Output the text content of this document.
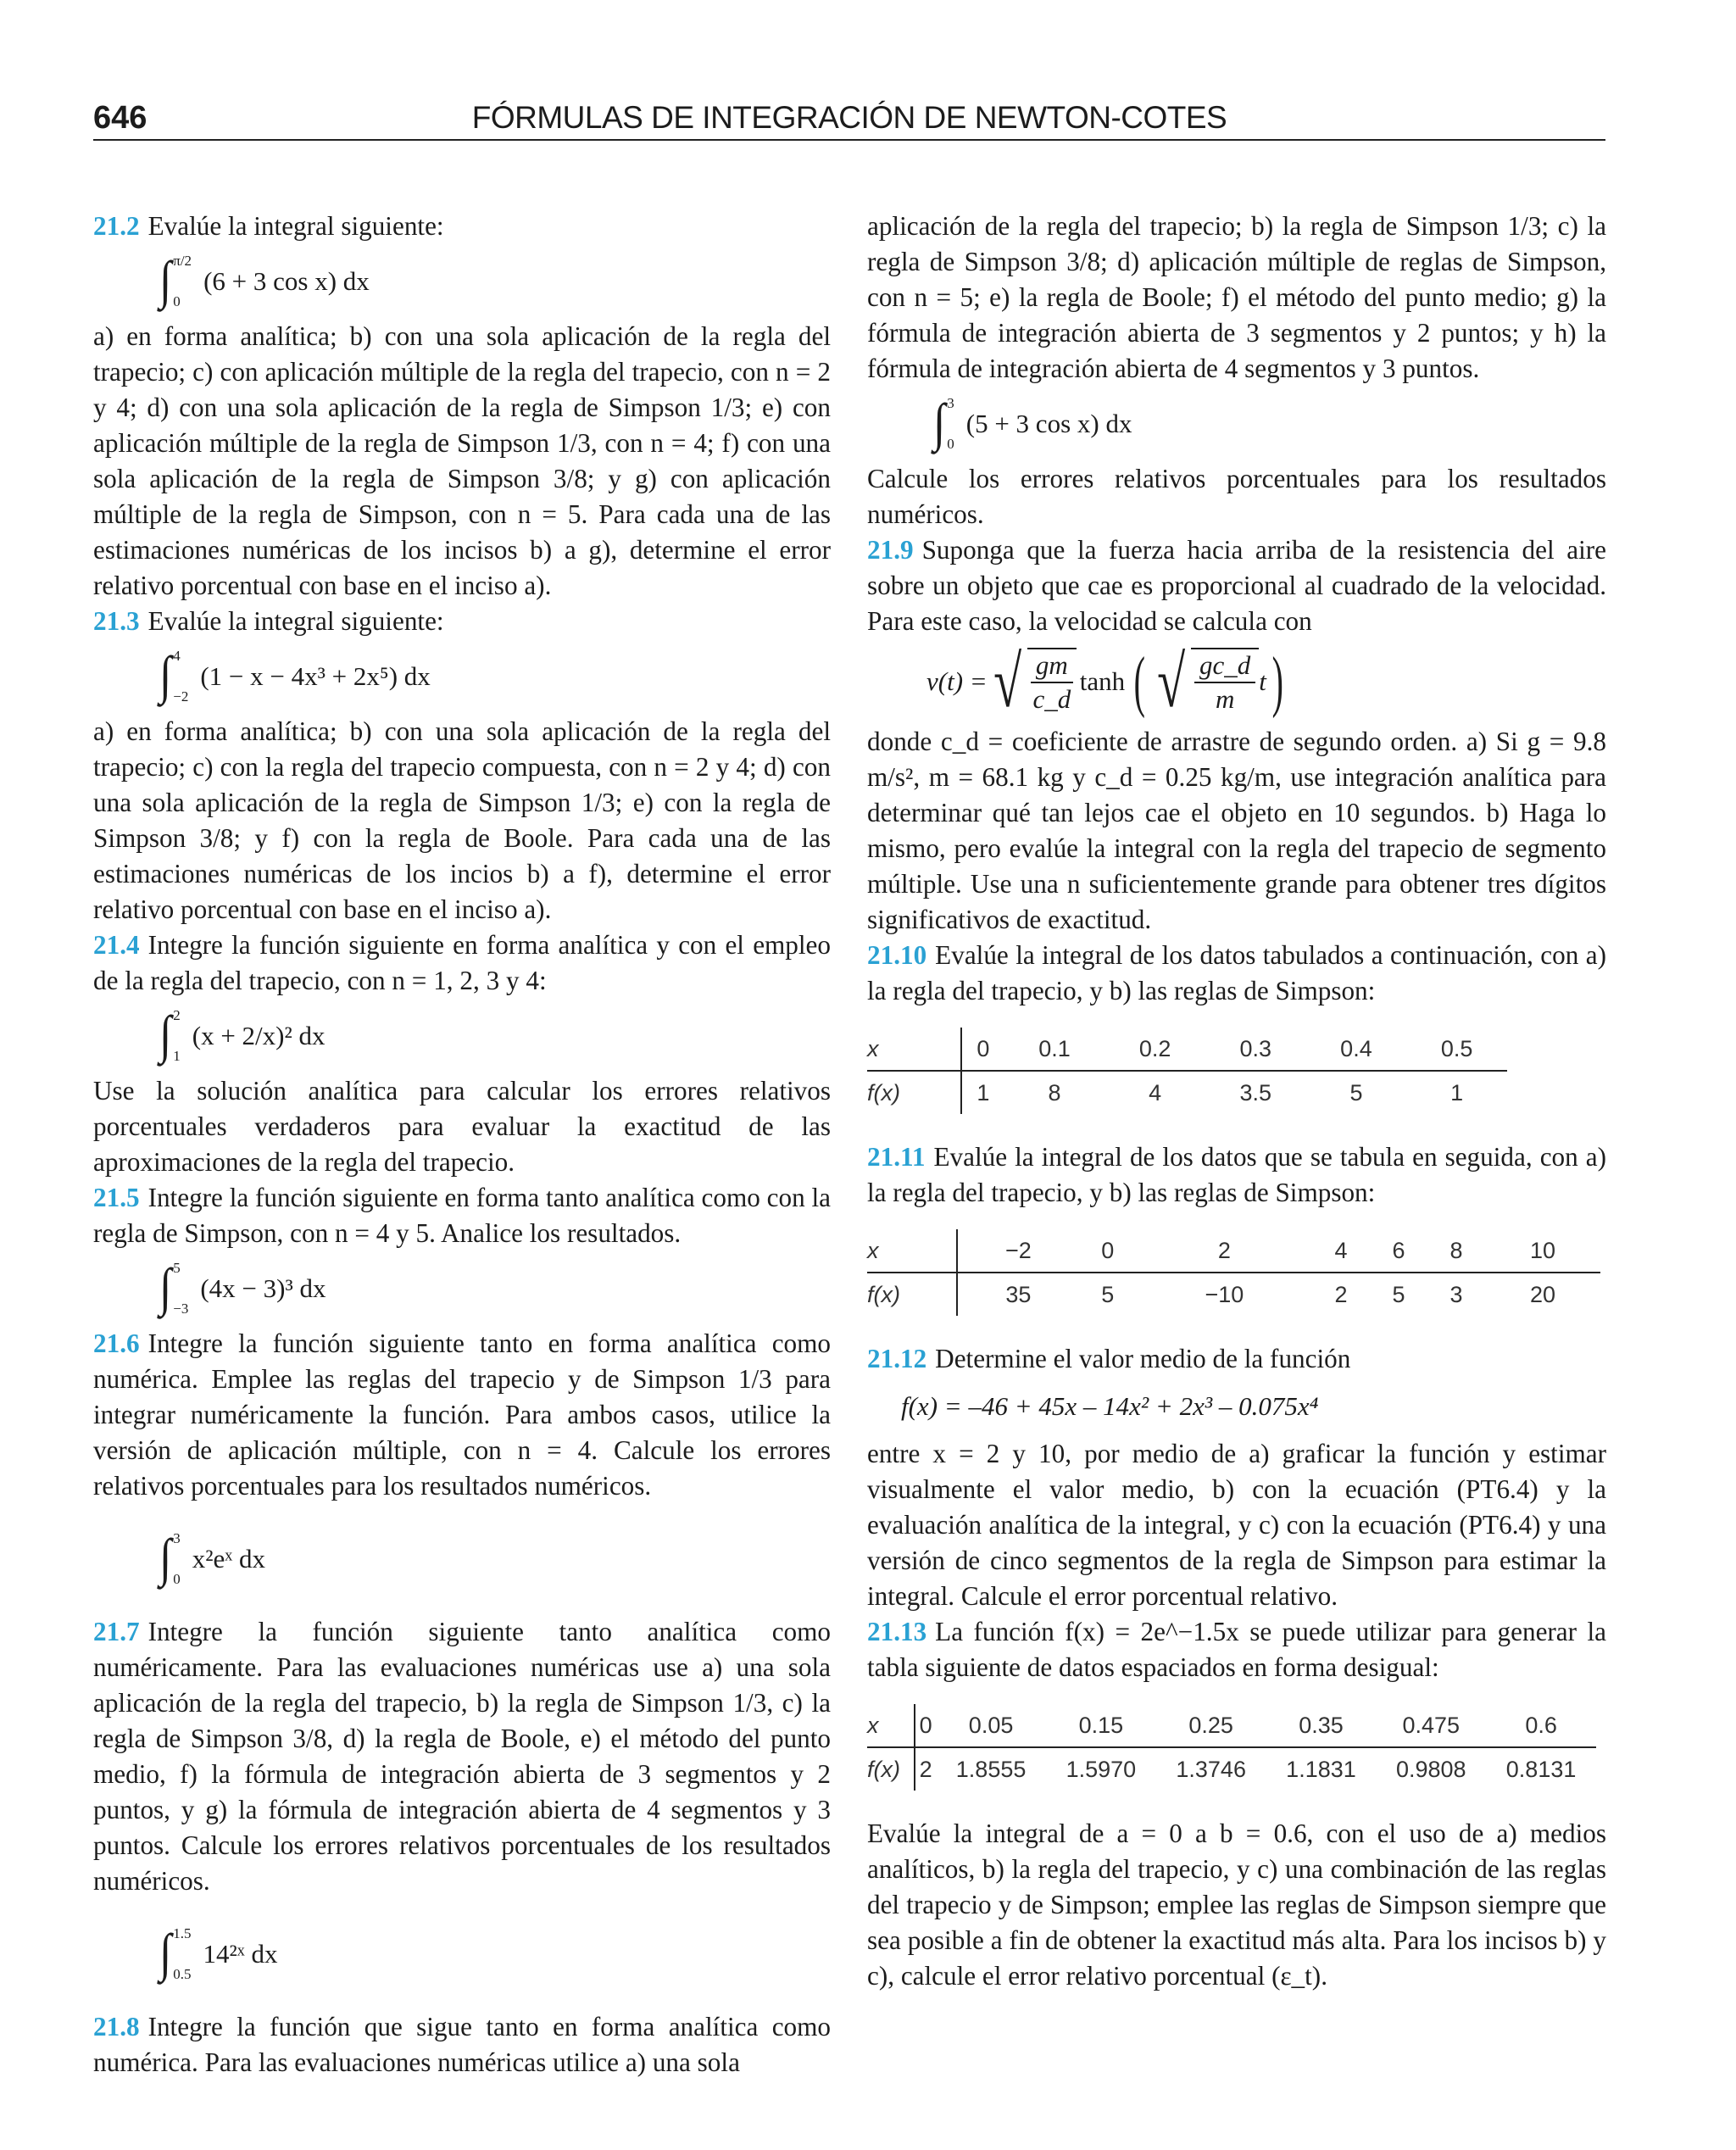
646	FÓRMULAS DE INTEGRACIÓN DE NEWTON-COTES

21.2 Evalúe la integral siguiente:

∫ π/2
0
(6 + 3 cos x) dx

a) en forma analítica; b) con una sola aplicación de la regla del trapecio; c) con aplicación múltiple de la regla del trapecio, con n = 2 y 4; d) con una sola aplicación de la regla de Simpson 1/3; e) con aplicación múltiple de la regla de Simpson 1/3, con n = 4; f) con una sola aplicación de la regla de Simpson 3/8; y g) con aplicación múltiple de la regla de Simpson, con n = 5. Para cada una de las estimaciones numéricas de los incisos b) a g), determine el error relativo porcentual con base en el inciso a).

21.3 Evalúe la integral siguiente:

∫ 4
−2
(1 − x − 4x³ + 2x⁵) dx

a) en forma analítica; b) con una sola aplicación de la regla del trapecio; c) con la regla del trapecio compuesta, con n = 2 y 4; d) con una sola aplicación de la regla de Simpson 1/3; e) con la regla de Simpson 3/8; y f) con la regla de Boole. Para cada una de las estimaciones numéricas de los incios b) a f), determine el error relativo porcentual con base en el inciso a).

21.4 Integre la función siguiente en forma analítica y con el empleo de la regla del trapecio, con n = 1, 2, 3 y 4:

∫ 2
1
(x + 2/x)² dx

Use la solución analítica para calcular los errores relativos porcentuales verdaderos para evaluar la exactitud de las aproximaciones de la regla del trapecio.

21.5 Integre la función siguiente en forma tanto analítica como con la regla de Simpson, con n = 4 y 5. Analice los resultados.

∫ 5
−3
(4x − 3)³ dx

21.6 Integre la función siguiente tanto en forma analítica como numérica. Emplee las reglas del trapecio y de Simpson 1/3 para integrar numéricamente la función. Para ambos casos, utilice la versión de aplicación múltiple, con n = 4. Calcule los errores relativos porcentuales para los resultados numéricos.

∫ 3
0
x²eˣ dx

21.7 Integre la función siguiente tanto analítica como numéricamente. Para las evaluaciones numéricas use a) una sola aplicación de la regla del trapecio, b) la regla de Simpson 1/3, c) la regla de Simpson 3/8, d) la regla de Boole, e) el método del punto medio, f) la fórmula de integración abierta de 3 segmentos y 2 puntos, y g) la fórmula de integración abierta de 4 segmentos y 3 puntos. Calcule los errores relativos porcentuales de los resultados numéricos.

∫ 1.5
0.5
14²ˣ dx

21.8 Integre la función que sigue tanto en forma analítica como numérica. Para las evaluaciones numéricas utilice a) una sola

aplicación de la regla del trapecio; b) la regla de Simpson 1/3; c) la regla de Simpson 3/8; d) aplicación múltiple de reglas de Simpson, con n = 5; e) la regla de Boole; f) el método del punto medio; g) la fórmula de integración abierta de 3 segmentos y 2 puntos; y h) la fórmula de integración abierta de 4 segmentos y 3 puntos.

∫ 3
0
(5 + 3 cos x) dx

Calcule los errores relativos porcentuales para los resultados numéricos.

21.9 Suponga que la fuerza hacia arriba de la resistencia del aire sobre un objeto que cae es proporcional al cuadrado de la velocidad. Para este caso, la velocidad se calcula con

v(t) = √ $\frac{gm}{c\_d}$ tanh ( √ $\frac{gc\_d}{m}$ t )

donde c_d = coeficiente de arrastre de segundo orden. a) Si g = 9.8 m/s², m = 68.1 kg y c_d = 0.25 kg/m, use integración analítica para determinar qué tan lejos cae el objeto en 10 segundos. b) Haga lo mismo, pero evalúe la integral con la regla del trapecio de segmento múltiple. Use una n suficientemente grande para obtener tres dígitos significativos de exactitud.

21.10 Evalúe la integral de los datos tabulados a continuación, con a) la regla del trapecio, y b) las reglas de Simpson:

x	0	0.1	0.2	0.3	0.4	0.5
f(x)	1	8	4	3.5	5	1

21.11 Evalúe la integral de los datos que se tabula en seguida, con a) la regla del trapecio, y b) las reglas de Simpson:

x	−2	0	2	4	6	8	10
f(x)	35	5	−10	2	5	3	20

21.12 Determine el valor medio de la función

f(x) = –46 + 45x – 14x² + 2x³ – 0.075x⁴

entre x = 2 y 10, por medio de a) graficar la función y estimar visualmente el valor medio, b) con la ecuación (PT6.4) y la evaluación analítica de la integral, y c) con la ecuación (PT6.4) y una versión de cinco segmentos de la regla de Simpson para estimar la integral. Calcule el error porcentual relativo.

21.13 La función f(x) = 2e^−1.5x se puede utilizar para generar la tabla siguiente de datos espaciados en forma desigual:

x	0	0.05	0.15	0.25	0.35	0.475	0.6
f(x)	2	1.8555	1.5970	1.3746	1.1831	0.9808	0.8131

Evalúe la integral de a = 0 a b = 0.6, con el uso de a) medios analíticos, b) la regla del trapecio, y c) una combinación de las reglas del trapecio y de Simpson; emplee las reglas de Simpson siempre que sea posible a fin de obtener la exactitud más alta. Para los incisos b) y c), calcule el error relativo porcentual (ε_t).
